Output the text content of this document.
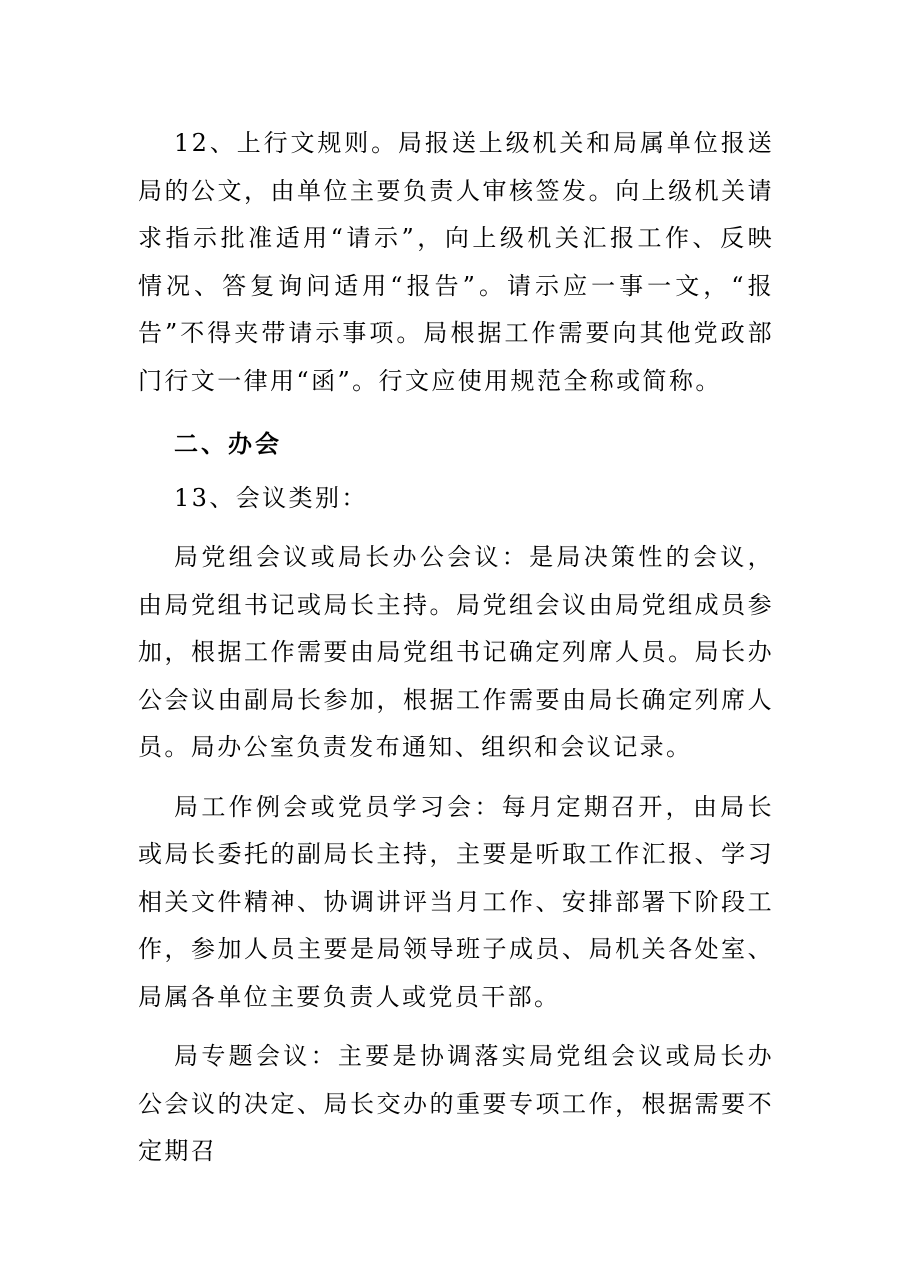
12、上行文规则。局报送上级机关和局属单位报送局的公文，由单位主要负责人审核签发。向上级机关请求指示批准适用“请示”，向上级机关汇报工作、反映情况、答复询问适用“报告”。请示应一事一文，“报告”不得夹带请示事项。局根据工作需要向其他党政部门行文一律用“函”。行文应使用规范全称或简称。

二、办会

13、会议类别：

局党组会议或局长办公会议：是局决策性的会议，由局党组书记或局长主持。局党组会议由局党组成员参加，根据工作需要由局党组书记确定列席人员。局长办公会议由副局长参加，根据工作需要由局长确定列席人员。局办公室负责发布通知、组织和会议记录。

局工作例会或党员学习会：每月定期召开，由局长或局长委托的副局长主持，主要是听取工作汇报、学习相关文件精神、协调讲评当月工作、安排部署下阶段工作，参加人员主要是局领导班子成员、局机关各处室、局属各单位主要负责人或党员干部。

局专题会议：主要是协调落实局党组会议或局长办公会议的决定、局长交办的重要专项工作，根据需要不定期召
